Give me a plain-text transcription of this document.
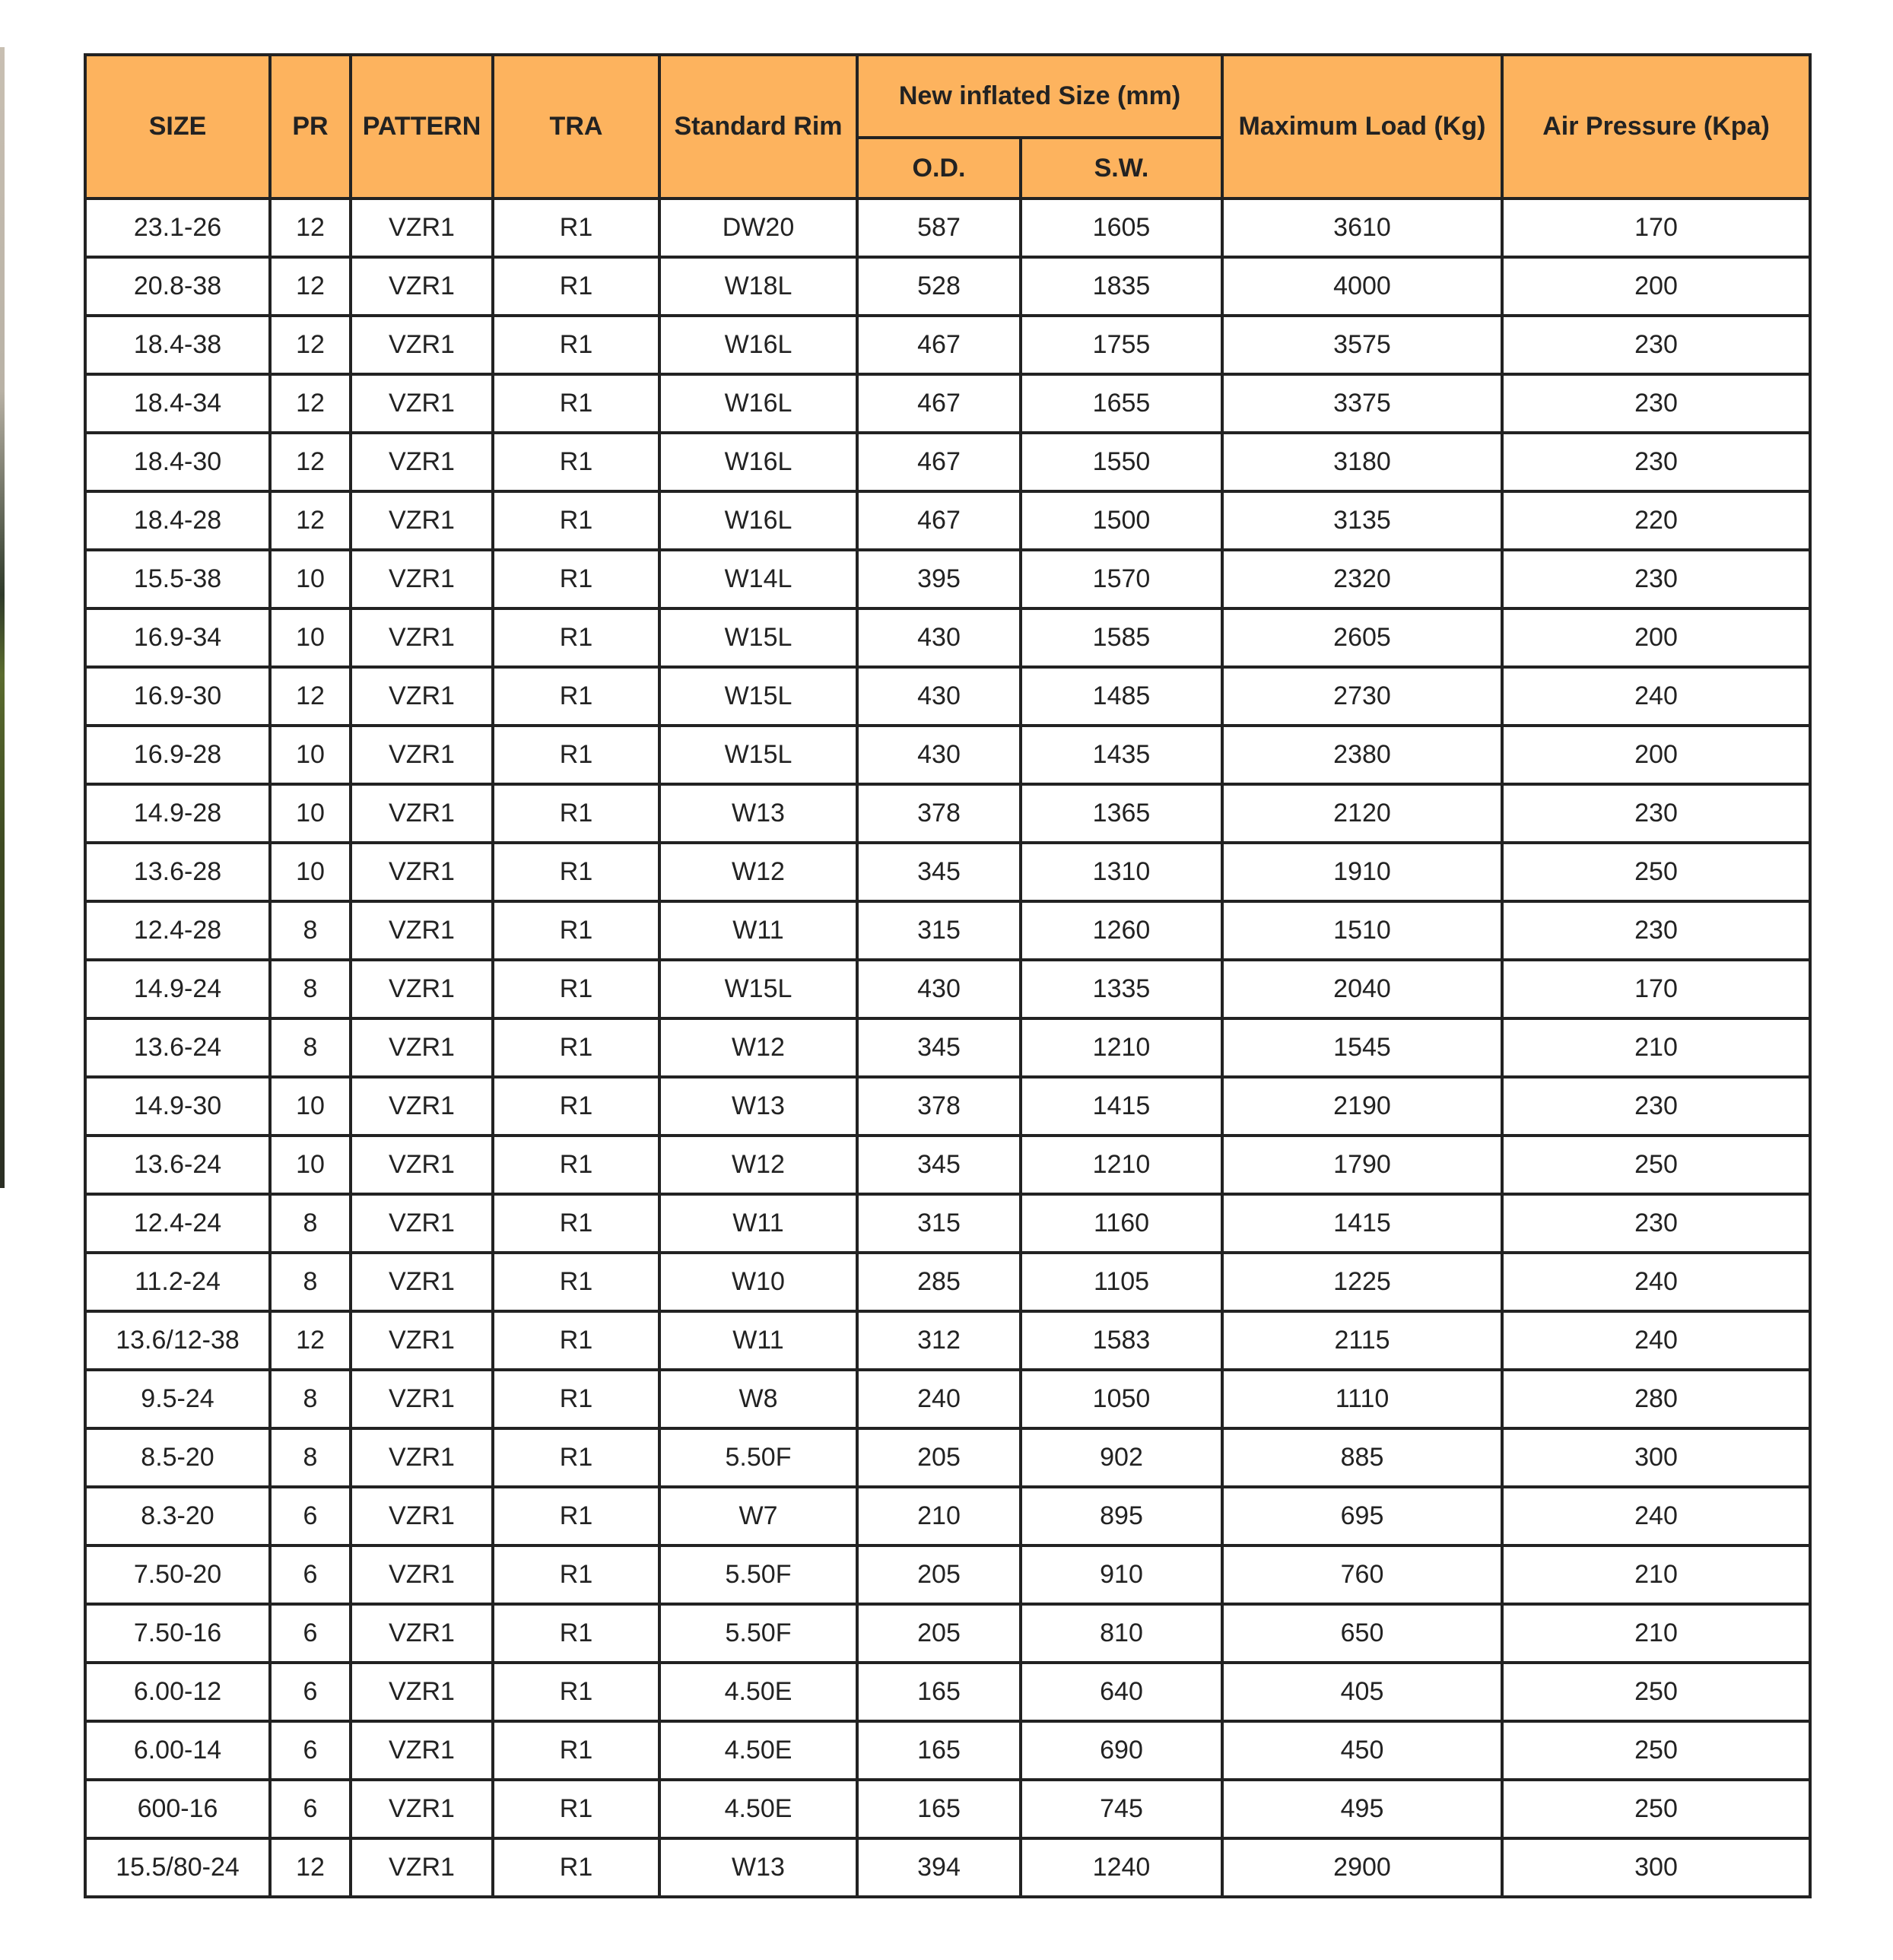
SIZE	PR	PATTERN	TRA	Standard Rim	New inflated Size (mm)		Maximum Load (Kg)	Air Pressure (Kpa)
					O.D.	S.W.		
23.1-26	12	VZR1	R1	DW20	587	1605	3610	170
20.8-38	12	VZR1	R1	W18L	528	1835	4000	200
18.4-38	12	VZR1	R1	W16L	467	1755	3575	230
18.4-34	12	VZR1	R1	W16L	467	1655	3375	230
18.4-30	12	VZR1	R1	W16L	467	1550	3180	230
18.4-28	12	VZR1	R1	W16L	467	1500	3135	220
15.5-38	10	VZR1	R1	W14L	395	1570	2320	230
16.9-34	10	VZR1	R1	W15L	430	1585	2605	200
16.9-30	12	VZR1	R1	W15L	430	1485	2730	240
16.9-28	10	VZR1	R1	W15L	430	1435	2380	200
14.9-28	10	VZR1	R1	W13	378	1365	2120	230
13.6-28	10	VZR1	R1	W12	345	1310	1910	250
12.4-28	8	VZR1	R1	W11	315	1260	1510	230
14.9-24	8	VZR1	R1	W15L	430	1335	2040	170
13.6-24	8	VZR1	R1	W12	345	1210	1545	210
14.9-30	10	VZR1	R1	W13	378	1415	2190	230
13.6-24	10	VZR1	R1	W12	345	1210	1790	250
12.4-24	8	VZR1	R1	W11	315	1160	1415	230
11.2-24	8	VZR1	R1	W10	285	1105	1225	240
13.6/12-38	12	VZR1	R1	W11	312	1583	2115	240
9.5-24	8	VZR1	R1	W8	240	1050	1110	280
8.5-20	8	VZR1	R1	5.50F	205	902	885	300
8.3-20	6	VZR1	R1	W7	210	895	695	240
7.50-20	6	VZR1	R1	5.50F	205	910	760	210
7.50-16	6	VZR1	R1	5.50F	205	810	650	210
6.00-12	6	VZR1	R1	4.50E	165	640	405	250
6.00-14	6	VZR1	R1	4.50E	165	690	450	250
600-16	6	VZR1	R1	4.50E	165	745	495	250
15.5/80-24	12	VZR1	R1	W13	394	1240	2900	300
